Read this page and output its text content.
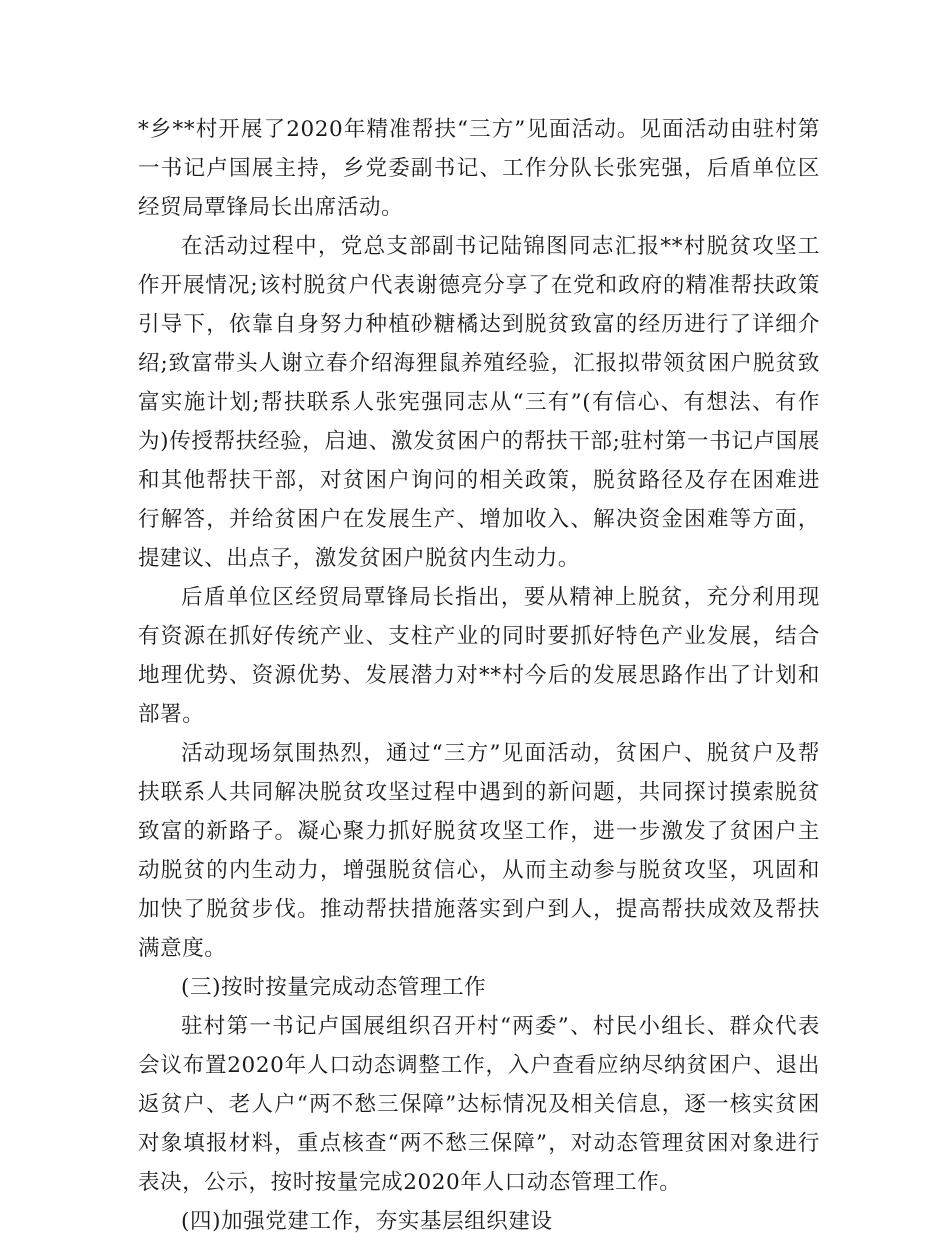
*乡**村开展了2020年精准帮扶“三方”见面活动。见面活动由驻村第一书记卢国展主持，乡党委副书记、工作分队长张宪强，后盾单位区经贸局覃锋局长出席活动。

在活动过程中，党总支部副书记陆锦图同志汇报**村脱贫攻坚工作开展情况;该村脱贫户代表谢德亮分享了在党和政府的精准帮扶政策引导下，依靠自身努力种植砂糖橘达到脱贫致富的经历进行了详细介绍;致富带头人谢立春介绍海狸鼠养殖经验，汇报拟带领贫困户脱贫致富实施计划;帮扶联系人张宪强同志从“三有”(有信心、有想法、有作为)传授帮扶经验，启迪、激发贫困户的帮扶干部;驻村第一书记卢国展和其他帮扶干部，对贫困户询问的相关政策，脱贫路径及存在困难进行解答，并给贫困户在发展生产、增加收入、解决资金困难等方面，提建议、出点子，激发贫困户脱贫内生动力。

后盾单位区经贸局覃锋局长指出，要从精神上脱贫，充分利用现有资源在抓好传统产业、支柱产业的同时要抓好特色产业发展，结合地理优势、资源优势、发展潜力对**村今后的发展思路作出了计划和部署。

活动现场氛围热烈，通过“三方”见面活动，贫困户、脱贫户及帮扶联系人共同解决脱贫攻坚过程中遇到的新问题，共同探讨摸索脱贫致富的新路子。凝心聚力抓好脱贫攻坚工作，进一步激发了贫困户主动脱贫的内生动力，增强脱贫信心，从而主动参与脱贫攻坚，巩固和加快了脱贫步伐。推动帮扶措施落实到户到人，提高帮扶成效及帮扶满意度。

(三)按时按量完成动态管理工作

驻村第一书记卢国展组织召开村“两委”、村民小组长、群众代表会议布置2020年人口动态调整工作，入户查看应纳尽纳贫困户、退出返贫户、老人户“两不愁三保障”达标情况及相关信息，逐一核实贫困对象填报材料，重点核查“两不愁三保障”，对动态管理贫困对象进行表决，公示，按时按量完成2020年人口动态管理工作。

(四)加强党建工作，夯实基层组织建设
